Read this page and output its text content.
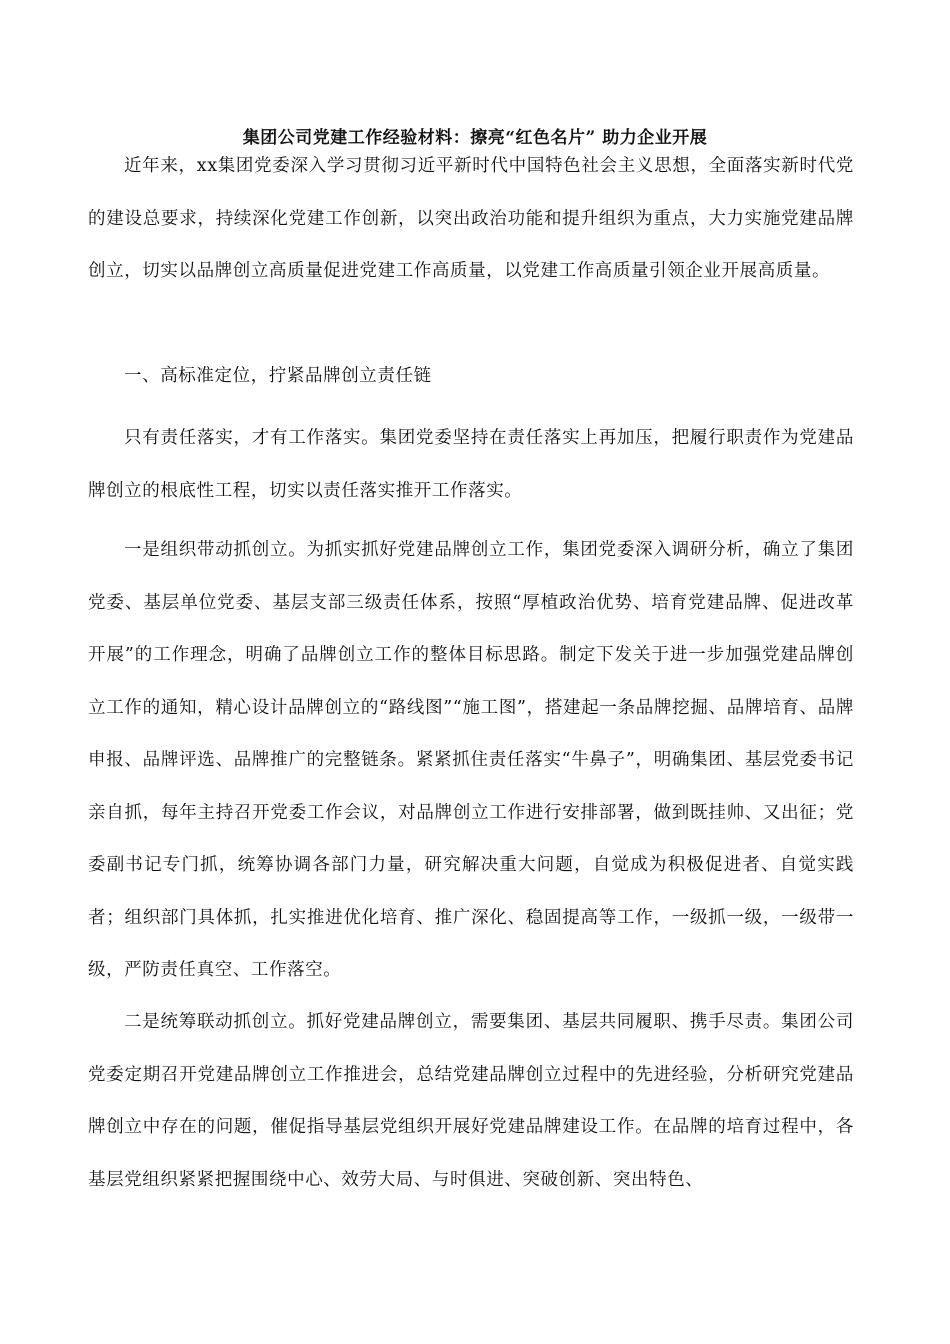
集团公司党建工作经验材料：擦亮“红色名片” 助力企业开展

近年来，xx集团党委深入学习贯彻习近平新时代中国特色社会主义思想，全面落实新时代党的建设总要求，持续深化党建工作创新，以突出政治功能和提升组织为重点，大力实施党建品牌创立，切实以品牌创立高质量促进党建工作高质量，以党建工作高质量引领企业开展高质量。

一、高标准定位，拧紧品牌创立责任链

只有责任落实，才有工作落实。集团党委坚持在责任落实上再加压，把履行职责作为党建品牌创立的根底性工程，切实以责任落实推开工作落实。

一是组织带动抓创立。为抓实抓好党建品牌创立工作，集团党委深入调研分析，确立了集团党委、基层单位党委、基层支部三级责任体系，按照“厚植政治优势、培育党建品牌、促进改革开展”的工作理念，明确了品牌创立工作的整体目标思路。制定下发关于进一步加强党建品牌创立工作的通知，精心设计品牌创立的“路线图”“施工图”，搭建起一条品牌挖掘、品牌培育、品牌申报、品牌评选、品牌推广的完整链条。紧紧抓住责任落实“牛鼻子”，明确集团、基层党委书记亲自抓，每年主持召开党委工作会议，对品牌创立工作进行安排部署，做到既挂帅、又出征；党委副书记专门抓，统筹协调各部门力量，研究解决重大问题，自觉成为积极促进者、自觉实践者；组织部门具体抓，扎实推进优化培育、推广深化、稳固提高等工作，一级抓一级，一级带一级，严防责任真空、工作落空。

二是统筹联动抓创立。抓好党建品牌创立，需要集团、基层共同履职、携手尽责。集团公司党委定期召开党建品牌创立工作推进会，总结党建品牌创立过程中的先进经验，分析研究党建品牌创立中存在的问题，催促指导基层党组织开展好党建品牌建设工作。在品牌的培育过程中，各基层党组织紧紧把握围绕中心、效劳大局、与时俱进、突破创新、突出特色、
